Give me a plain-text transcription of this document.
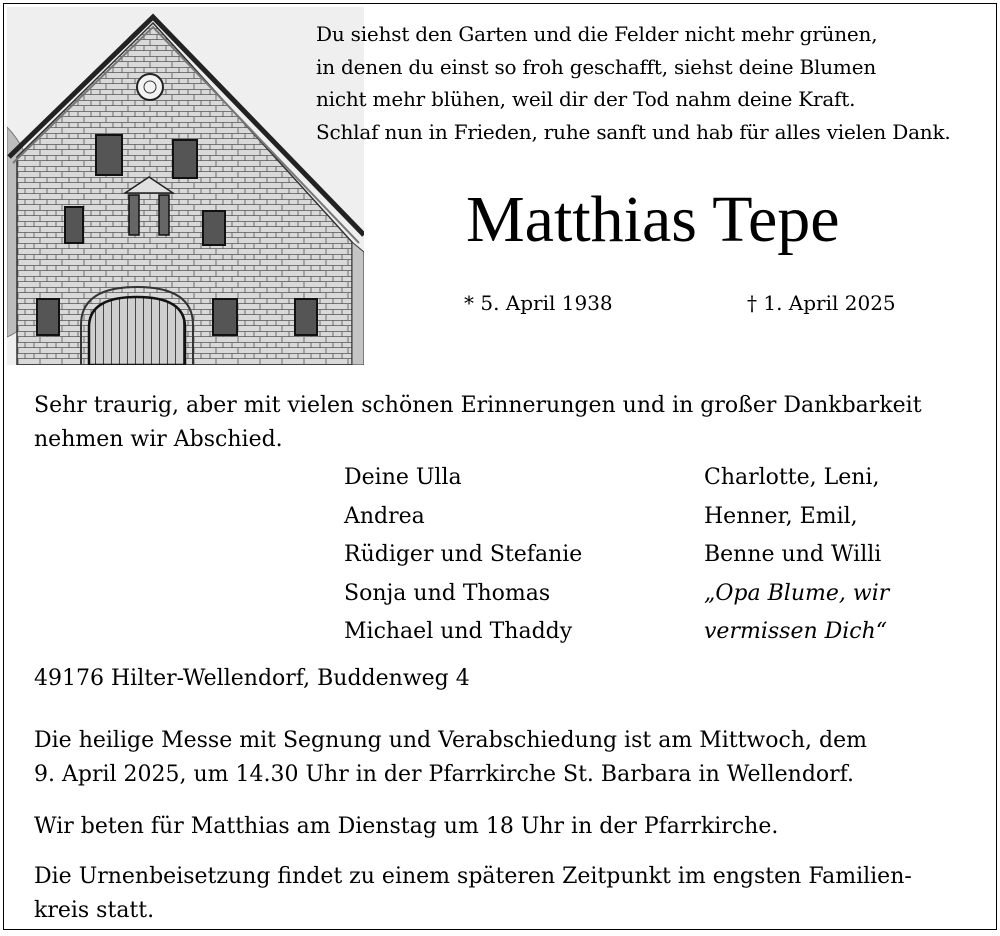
Du siehst den Garten und die Felder nicht mehr grünen,
in denen du einst so froh geschafft, siehst deine Blumen
nicht mehr blühen, weil dir der Tod nahm deine Kraft.
Schlaf nun in Frieden, ruhe sanft und hab für alles vielen Dank.
Matthias Tepe
* 5. April 1938	† 1. April 2025
Sehr traurig, aber mit vielen schönen Erinnerungen und in großer Dankbarkeit nehmen wir Abschied.
Deine Ulla
Andrea
Rüdiger und Stefanie
Sonja und Thomas
Michael und Thaddy
Charlotte, Leni,
Henner, Emil,
Benne und Willi
„Opa Blume, wir
vermissen Dich“
49176 Hilter-Wellendorf, Buddenweg 4
Die heilige Messe mit Segnung und Verabschiedung ist am Mittwoch, dem
9. April 2025, um 14.30 Uhr in der Pfarrkirche St. Barbara in Wellendorf.
Wir beten für Matthias am Dienstag um 18 Uhr in der Pfarrkirche.
Die Urnenbeisetzung findet zu einem späteren Zeitpunkt im engsten Familien-
kreis statt.
